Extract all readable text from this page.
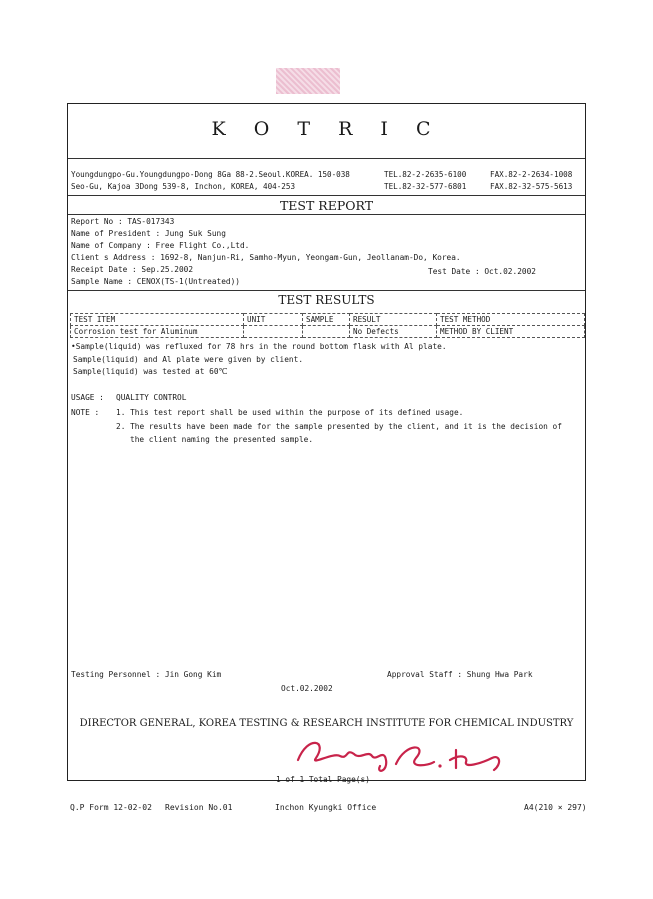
K O T R I C
Youngdungpo-Gu.Youngdungpo-Dong 8Ga 88-2.Seoul.KOREA. 150-038	TEL.82-2-2635-6100	FAX.82-2-2634-1008
Seo-Gu, Kajoa 3Dong 539-8, Inchon, KOREA, 404-253	TEL.82-32-577-6801	FAX.82-32-575-5613
TEST REPORT
Report No : TAS-017343
Name of President : Jung Suk Sung
Name of Company : Free Flight Co.,Ltd.
Client s Address : 1692-8, Nanjun-Ri, Samho-Myun, Yeongam-Gun, Jeollanam-Do, Korea.
Receipt Date : Sep.25.2002	Test Date : Oct.02.2002
Sample Name : CENOX(TS-1(Untreated))
TEST RESULTS
TEST ITEM	UNIT	SAMPLE	RESULT	TEST METHOD
Corrosion test for Aluminum			No Defects	METHOD BY CLIENT
•Sample(liquid) was refluxed for 78 hrs in the round bottom flask with Al plate.
Sample(liquid) and Al plate were given by client.
Sample(liquid) was tested at 60℃
USAGE : QUALITY CONTROL
NOTE : 1. This test report shall be used within the purpose of its defined usage.
2. The results have been made for the sample presented by the client, and it is the decision of
the client naming the presented sample.
Testing Personnel : Jin Gong Kim	Approval Staff : Shung Hwa Park
Oct.02.2002
DIRECTOR GENERAL, KOREA TESTING & RESEARCH INSTITUTE FOR CHEMICAL INDUSTRY
1 of 1 Total Page(s)
Q.P Form 12-02-02 Revision No.01	Inchon Kyungki Office	A4(210 × 297)
